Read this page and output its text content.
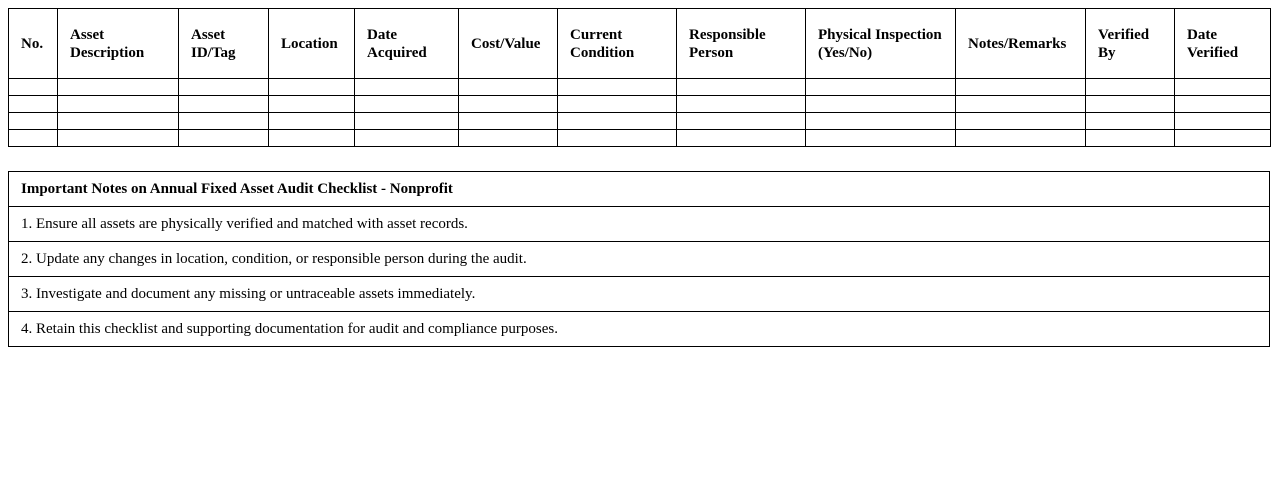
No.	Asset Description	Asset ID/Tag	Location	Date Acquired	Cost/Value	Current Condition	Responsible Person	Physical Inspection (Yes/No)	Notes/Remarks	Verified By	Date Verified

Important Notes on Annual Fixed Asset Audit Checklist - Nonprofit
1. Ensure all assets are physically verified and matched with asset records.
2. Update any changes in location, condition, or responsible person during the audit.
3. Investigate and document any missing or untraceable assets immediately.
4. Retain this checklist and supporting documentation for audit and compliance purposes.
